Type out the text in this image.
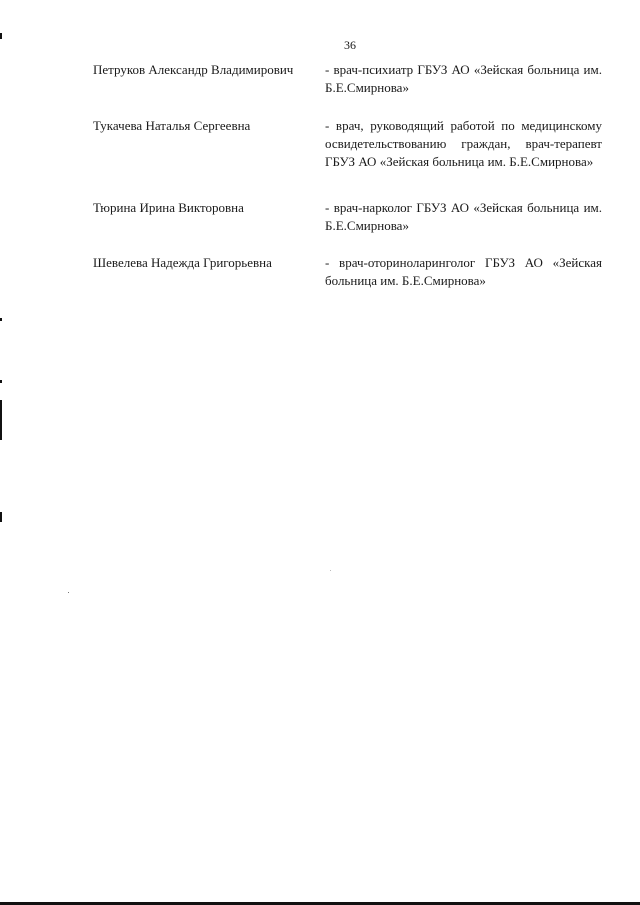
36
Петруков Александр Владимирович	- врач-психиатр ГБУЗ АО «Зейская больница им. Б.Е.Смирнова»
Тукачева Наталья Сергеевна	- врач, руководящий работой по медицинскому освидетельствованию граждан, врач-терапевт ГБУЗ АО «Зейская больница им. Б.Е.Смирнова»
Тюрина Ирина Викторовна	- врач-нарколог ГБУЗ АО «Зейская больница им. Б.Е.Смирнова»
Шевелева Надежда Григорьевна	- врач-оториноларинголог ГБУЗ АО «Зейская больница им. Б.Е.Смирнова»
